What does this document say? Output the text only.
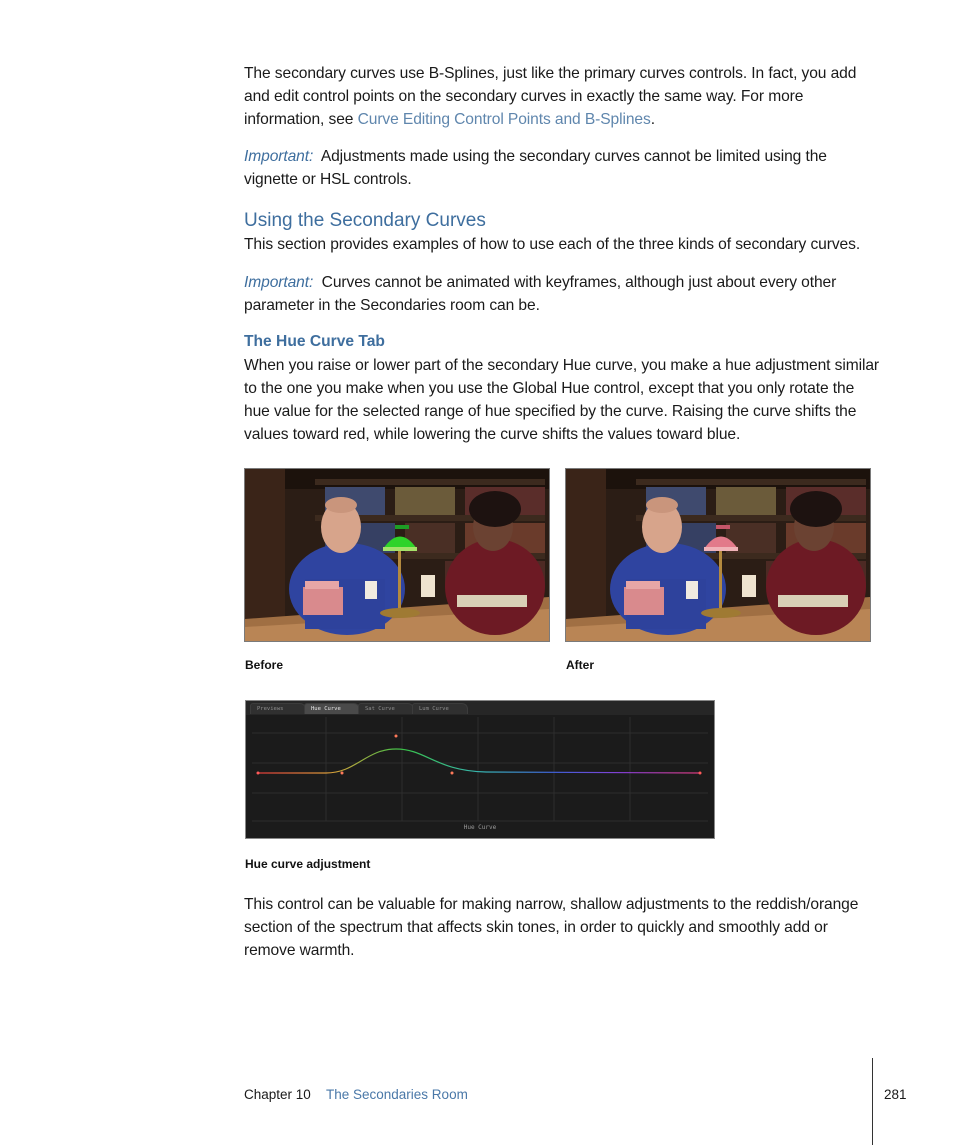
The secondary curves use B-Splines, just like the primary curves controls. In fact, you add and edit control points on the secondary curves in exactly the same way. For more information, see Curve Editing Control Points and B-Splines.
Important: Adjustments made using the secondary curves cannot be limited using the vignette or HSL controls.
Using the Secondary Curves
This section provides examples of how to use each of the three kinds of secondary curves.
Important: Curves cannot be animated with keyframes, although just about every other parameter in the Secondaries room can be.
The Hue Curve Tab
When you raise or lower part of the secondary Hue curve, you make a hue adjustment similar to the one you make when you use the Global Hue control, except that you only rotate the hue value for the selected range of hue specified by the curve. Raising the curve shifts the values toward red, while lowering the curve shifts the values toward blue.
Before	After
Previews	Hue Curve	Sat Curve	Lum Curve
Hue Curve
Hue curve adjustment
This control can be valuable for making narrow, shallow adjustments to the reddish/orange section of the spectrum that affects skin tones, in order to quickly and smoothly add or remove warmth.
Chapter 10 The Secondaries Room	281
